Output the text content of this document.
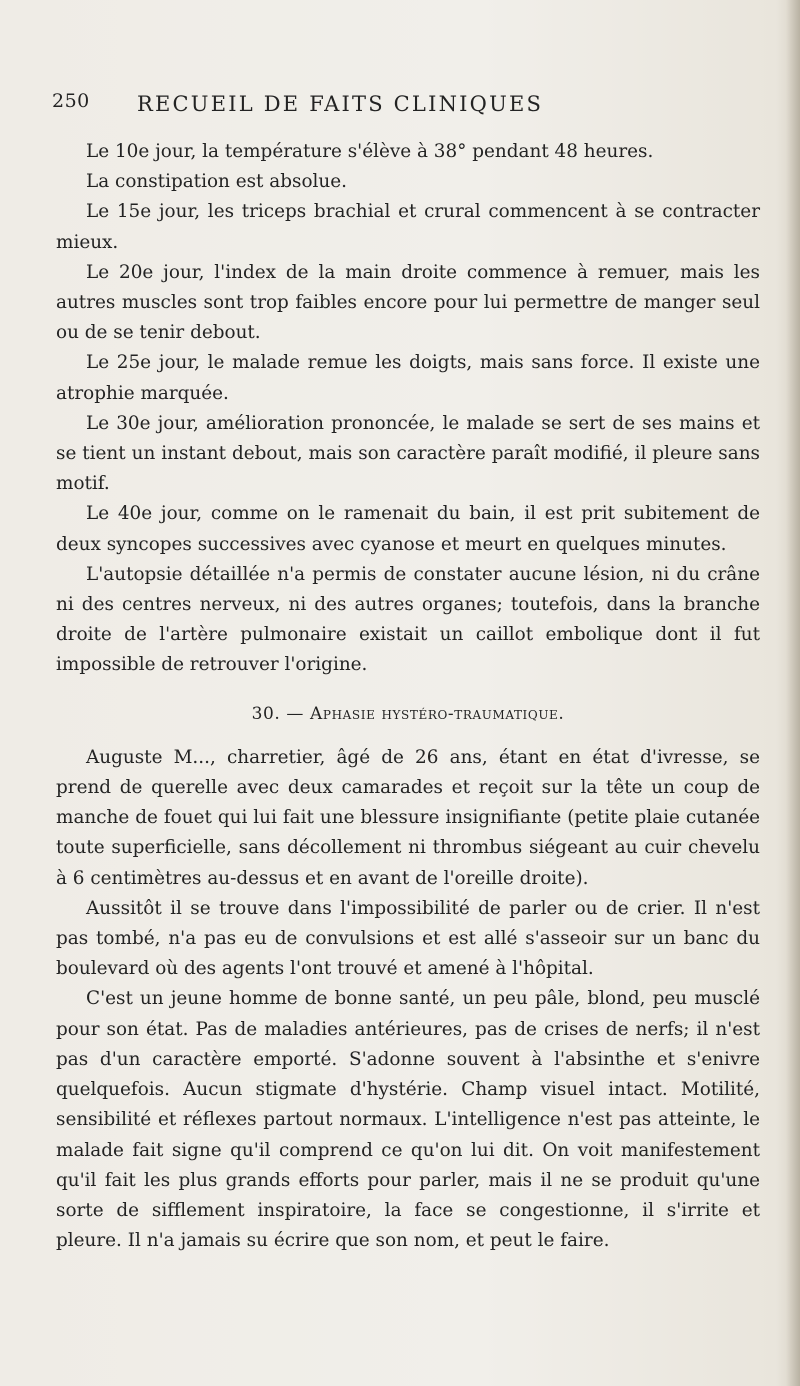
250 RECUEIL DE FAITS CLINIQUES

Le 10e jour, la température s'élève à 38° pendant 48 heures.

La constipation est absolue.

Le 15e jour, les triceps brachial et crural commencent à se contracter mieux.

Le 20e jour, l'index de la main droite commence à remuer, mais les autres muscles sont trop faibles encore pour lui permettre de manger seul ou de se tenir debout.

Le 25e jour, le malade remue les doigts, mais sans force. Il existe une atrophie marquée.

Le 30e jour, amélioration prononcée, le malade se sert de ses mains et se tient un instant debout, mais son caractère paraît modifié, il pleure sans motif.

Le 40e jour, comme on le ramenait du bain, il est prit subitement de deux syncopes successives avec cyanose et meurt en quelques minutes.

L'autopsie détaillée n'a permis de constater aucune lésion, ni du crâne ni des centres nerveux, ni des autres organes; toutefois, dans la branche droite de l'artère pulmonaire existait un caillot embolique dont il fut impossible de retrouver l'origine.

30. — Aphasie hystéro-traumatique.

Auguste M..., charretier, âgé de 26 ans, étant en état d'ivresse, se prend de querelle avec deux camarades et reçoit sur la tête un coup de manche de fouet qui lui fait une blessure insignifiante (petite plaie cutanée toute superficielle, sans décollement ni thrombus siégeant au cuir chevelu à 6 centimètres au-dessus et en avant de l'oreille droite).

Aussitôt il se trouve dans l'impossibilité de parler ou de crier. Il n'est pas tombé, n'a pas eu de convulsions et est allé s'asseoir sur un banc du boulevard où des agents l'ont trouvé et amené à l'hôpital.

C'est un jeune homme de bonne santé, un peu pâle, blond, peu musclé pour son état. Pas de maladies antérieures, pas de crises de nerfs; il n'est pas d'un caractère emporté. S'adonne souvent à l'absinthe et s'enivre quelquefois. Aucun stigmate d'hystérie. Champ visuel intact. Motilité, sensibilité et réflexes partout normaux. L'intelligence n'est pas atteinte, le malade fait signe qu'il comprend ce qu'on lui dit. On voit manifestement qu'il fait les plus grands efforts pour parler, mais il ne se produit qu'une sorte de sifflement inspiratoire, la face se congestionne, il s'irrite et pleure. Il n'a jamais su écrire que son nom, et peut le faire.
